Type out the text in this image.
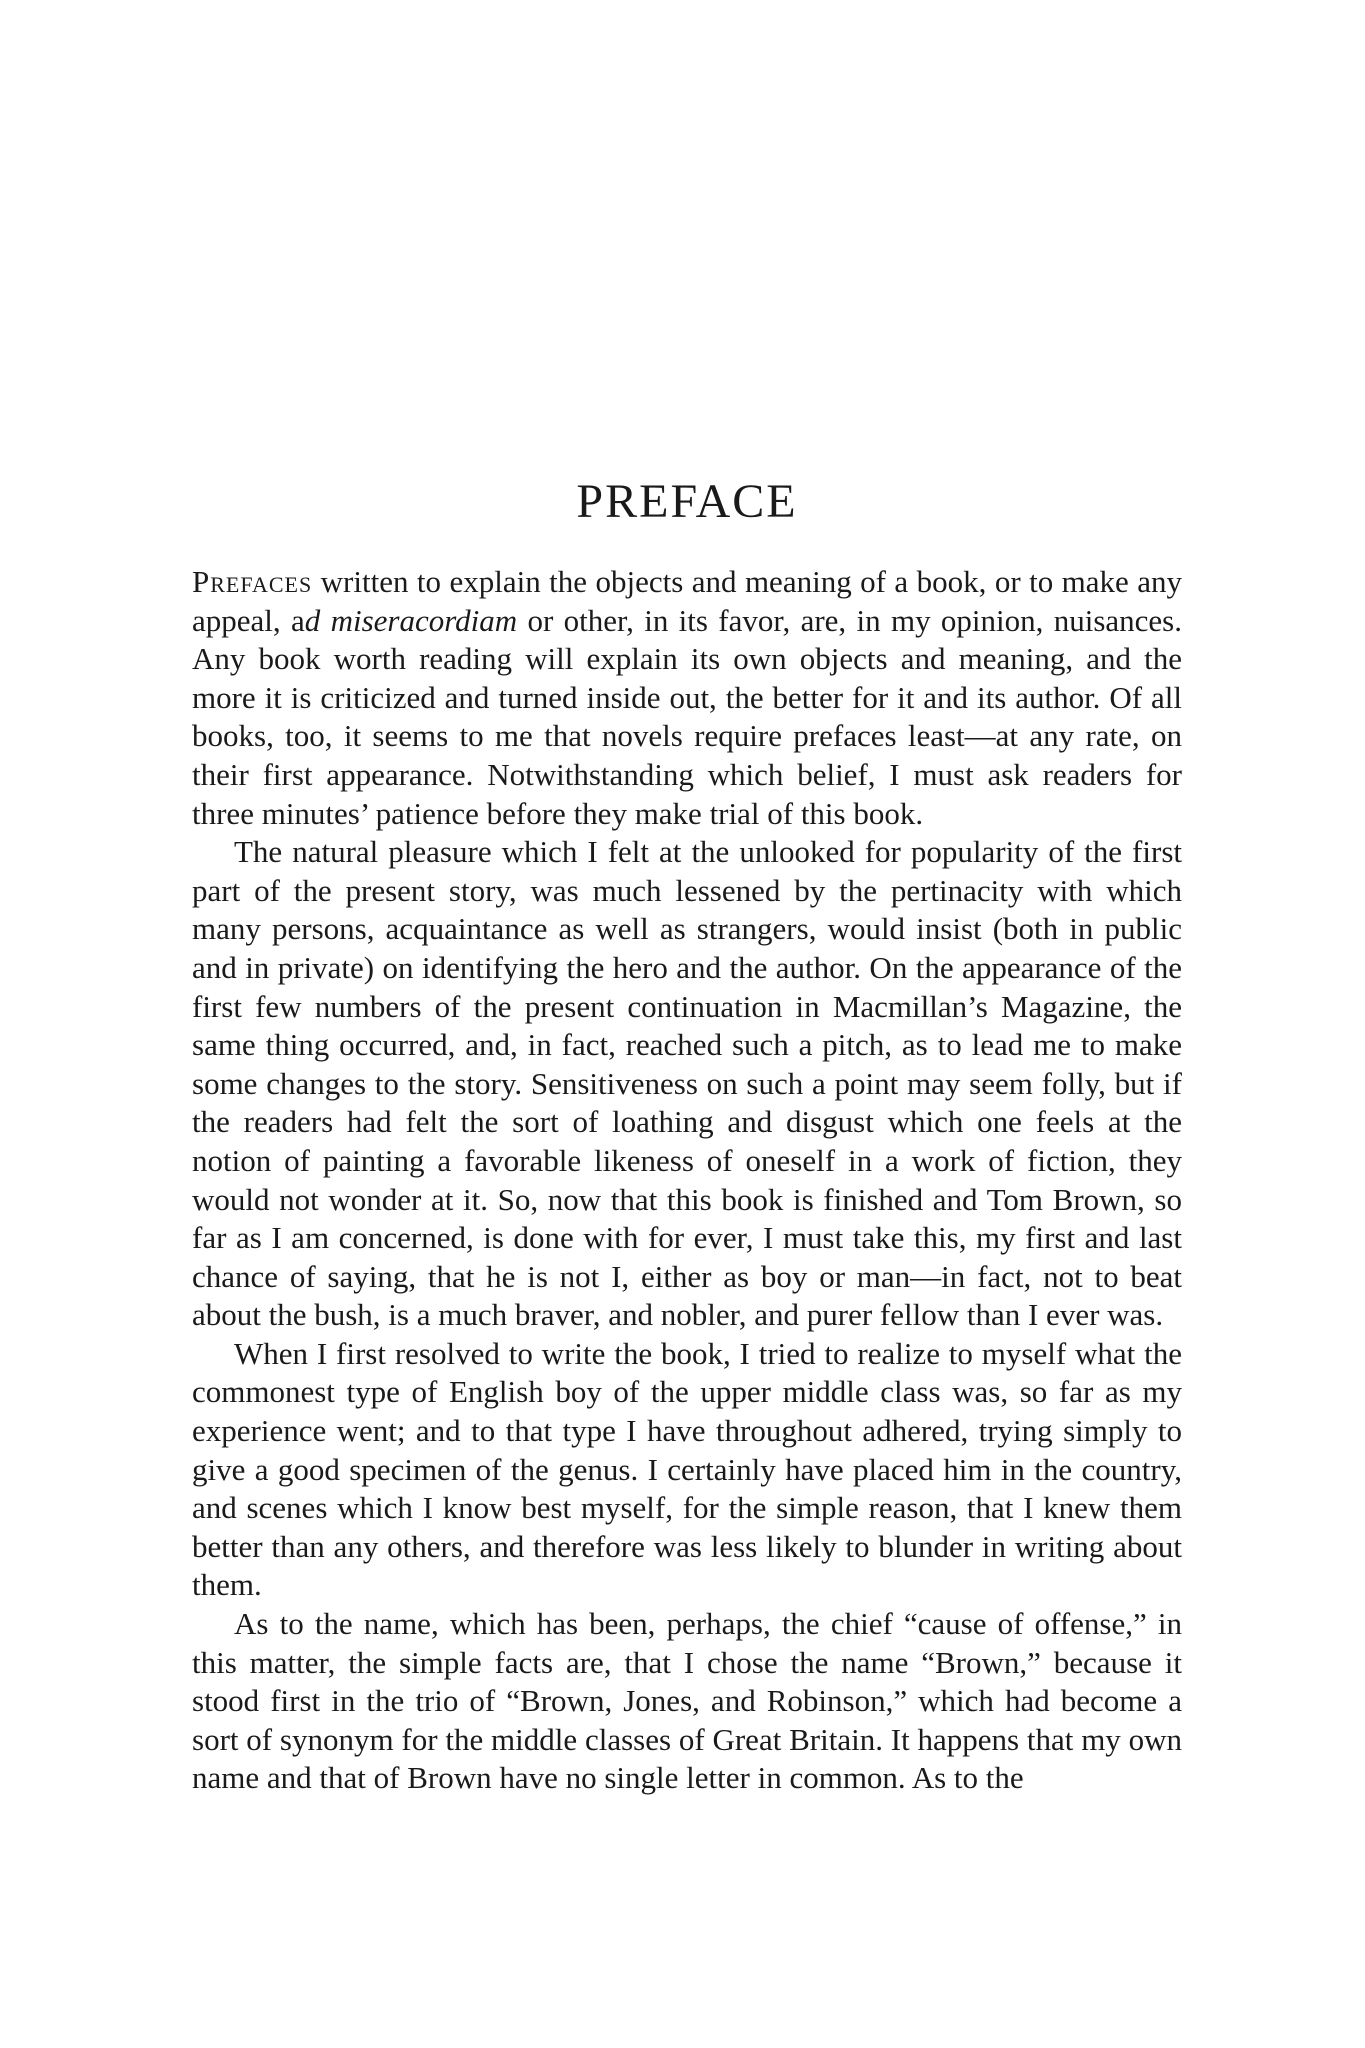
PREFACE

Prefaces written to explain the objects and meaning of a book, or to make any appeal, ad miseracordiam or other, in its favor, are, in my opinion, nuisances. Any book worth reading will explain its own objects and meaning, and the more it is criticized and turned inside out, the better for it and its author. Of all books, too, it seems to me that novels require prefaces least—at any rate, on their first appearance. Notwithstanding which belief, I must ask readers for three minutes’ patience before they make trial of this book.

The natural pleasure which I felt at the unlooked for popularity of the first part of the present story, was much lessened by the pertinacity with which many persons, acquaintance as well as strangers, would insist (both in public and in private) on identifying the hero and the author. On the appearance of the first few numbers of the present continuation in Macmillan’s Magazine, the same thing occurred, and, in fact, reached such a pitch, as to lead me to make some changes to the story. Sensitiveness on such a point may seem folly, but if the readers had felt the sort of loathing and disgust which one feels at the notion of painting a favorable likeness of oneself in a work of fiction, they would not wonder at it. So, now that this book is finished and Tom Brown, so far as I am concerned, is done with for ever, I must take this, my first and last chance of saying, that he is not I, either as boy or man—in fact, not to beat about the bush, is a much braver, and nobler, and purer fellow than I ever was.

When I first resolved to write the book, I tried to realize to myself what the commonest type of English boy of the upper middle class was, so far as my experience went; and to that type I have throughout adhered, trying simply to give a good specimen of the genus. I certainly have placed him in the country, and scenes which I know best myself, for the simple reason, that I knew them better than any others, and therefore was less likely to blunder in writing about them.

As to the name, which has been, perhaps, the chief “cause of offense,” in this matter, the simple facts are, that I chose the name “Brown,” because it stood first in the trio of “Brown, Jones, and Robinson,” which had become a sort of synonym for the middle classes of Great Britain. It happens that my own name and that of Brown have no single letter in common. As to the
